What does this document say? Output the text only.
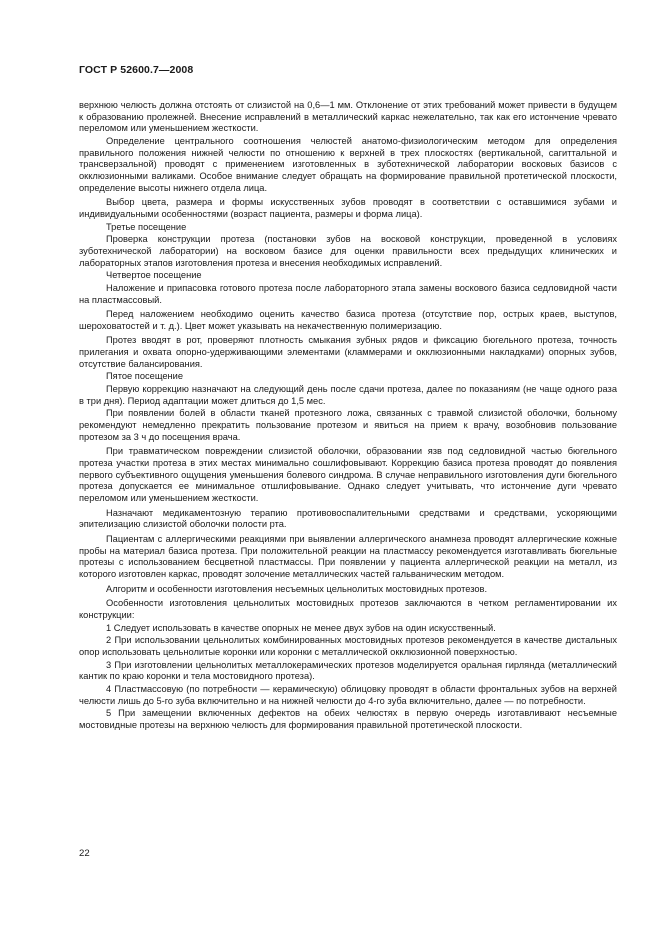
ГОСТ Р 52600.7—2008

верхнюю челюсть должна отстоять от слизистой на 0,6—1 мм. Отклонение от этих требований может привести в будущем к образованию пролежней. Внесение исправлений в металлический каркас нежелательно, так как его истончение чревато переломом или уменьшением жесткости.

Определение центрального соотношения челюстей анатомо-физиологическим методом для определения правильного положения нижней челюсти по отношению к верхней в трех плоскостях (вертикальной, сагиттальной и трансверзальной) проводят с применением изготовленных в зуботехнической лаборатории восковых базисов с окклюзионными валиками. Особое внимание следует обращать на формирование правильной протетической плоскости, определение высоты нижнего отдела лица.

Выбор цвета, размера и формы искусственных зубов проводят в соответствии с оставшимися зубами и индивидуальными особенностями (возраст пациента, размеры и форма лица).

Третье посещение

Проверка конструкции протеза (постановки зубов на восковой конструкции, проведенной в условиях зуботехнической лаборатории) на восковом базисе для оценки правильности всех предыдущих клинических и лабораторных этапов изготовления протеза и внесения необходимых исправлений.

Четвертое посещение

Наложение и припасовка готового протеза после лабораторного этапа замены воскового базиса седловидной части на пластмассовый.

Перед наложением необходимо оценить качество базиса протеза (отсутствие пор, острых краев, выступов, шероховатостей и т. д.). Цвет может указывать на некачественную полимеризацию.

Протез вводят в рот, проверяют плотность смыкания зубных рядов и фиксацию бюгельного протеза, точность прилегания и охвата опорно-удерживающими элементами (кламмерами и окклюзионными накладками) опорных зубов, отсутствие балансирования.

Пятое посещение

Первую коррекцию назначают на следующий день после сдачи протеза, далее по показаниям (не чаще одного раза в три дня). Период адаптации может длиться до 1,5 мес.

При появлении болей в области тканей протезного ложа, связанных с травмой слизистой оболочки, больному рекомендуют немедленно прекратить пользование протезом и явиться на прием к врачу, возобновив пользование протезом за 3 ч до посещения врача.

При травматическом повреждении слизистой оболочки, образовании язв под седловидной частью бюгельного протеза участки протеза в этих местах минимально сошлифовывают. Коррекцию базиса протеза проводят до появления первого субъективного ощущения уменьшения болевого синдрома. В случае неправильного изготовления дуги бюгельного протеза допускается ее минимальное отшлифовывание. Однако следует учитывать, что истончение дуги чревато переломом или уменьшением жесткости.

Назначают медикаментозную терапию противовоспалительными средствами и средствами, ускоряющими эпителизацию слизистой оболочки полости рта.

Пациентам с аллергическими реакциями при выявлении аллергического анамнеза проводят аллергические кожные пробы на материал базиса протеза. При положительной реакции на пластмассу рекомендуется изготавливать бюгельные протезы с использованием бесцветной пластмассы. При появлении у пациента аллергической реакции на металл, из которого изготовлен каркас, проводят золочение металлических частей гальваническим методом.

Алгоритм и особенности изготовления несъемных цельнолитых мостовидных протезов.

Особенности изготовления цельнолитых мостовидных протезов заключаются в четком регламентировании их конструкции:

1 Следует использовать в качестве опорных не менее двух зубов на один искусственный.

2 При использовании цельнолитых комбинированных мостовидных протезов рекомендуется в качестве дистальных опор использовать цельнолитые коронки или коронки с металлической окклюзионной поверхностью.

3 При изготовлении цельнолитых металлокерамических протезов моделируется оральная гирлянда (металлический кантик по краю коронки и тела мостовидного протеза).

4 Пластмассовую (по потребности — керамическую) облицовку проводят в области фронтальных зубов на верхней челюсти лишь до 5-го зуба включительно и на нижней челюсти до 4-го зуба включительно, далее — по потребности.

5 При замещении включенных дефектов на обеих челюстях в первую очередь изготавливают несъемные мостовидные протезы на верхнюю челюсть для формирования правильной протетической плоскости.

22
